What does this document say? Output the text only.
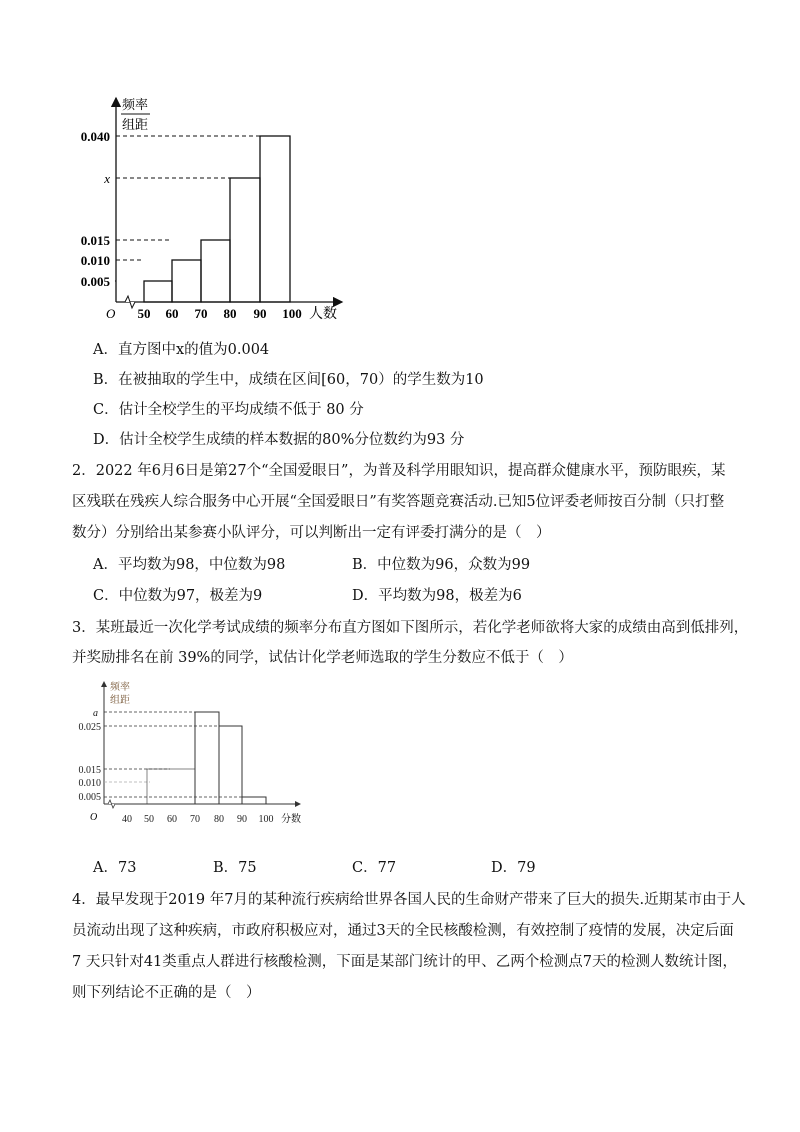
频率
组距
0.040
x
0.015
0.010
0.005
O 50 60 70 80 90 100 人数
A．直方图中x的值为0.004
B．在被抽取的学生中，成绩在区间[60，70）的学生数为10
C．估计全校学生的平均成绩不低于 80 分
D．估计全校学生成绩的样本数据的80%分位数约为93 分
2．2022 年6月6日是第27个“全国爱眼日”，为普及科学用眼知识，提高群众健康水平，预防眼疾，某
区残联在残疾人综合服务中心开展“全国爱眼日”有奖答题竞赛活动.已知5位评委老师按百分制（只打整
数分）分别给出某参赛小队评分，可以判断出一定有评委打满分的是（　）
A．平均数为98，中位数为98	B．中位数为96，众数为99
C．中位数为97，极差为9	D．平均数为98，极差为6
3．某班最近一次化学考试成绩的频率分布直方图如下图所示，若化学老师欲将大家的成绩由高到低排列，
并奖励排名在前 39%的同学，试估计化学老师选取的学生分数应不低于（　）
频率
组距
a
0.025
0.015
0.010
0.005
O 40 50 60 70 80 90 100 分数
A．73	B．75	C．77	D．79
4．最早发现于2019 年7月的某种流行疾病给世界各国人民的生命财产带来了巨大的损失.近期某市由于人
员流动出现了这种疾病，市政府积极应对，通过3天的全民核酸检测，有效控制了疫情的发展，决定后面
7 天只针对41类重点人群进行核酸检测，下面是某部门统计的甲、乙两个检测点7天的检测人数统计图，
则下列结论不正确的是（　）
